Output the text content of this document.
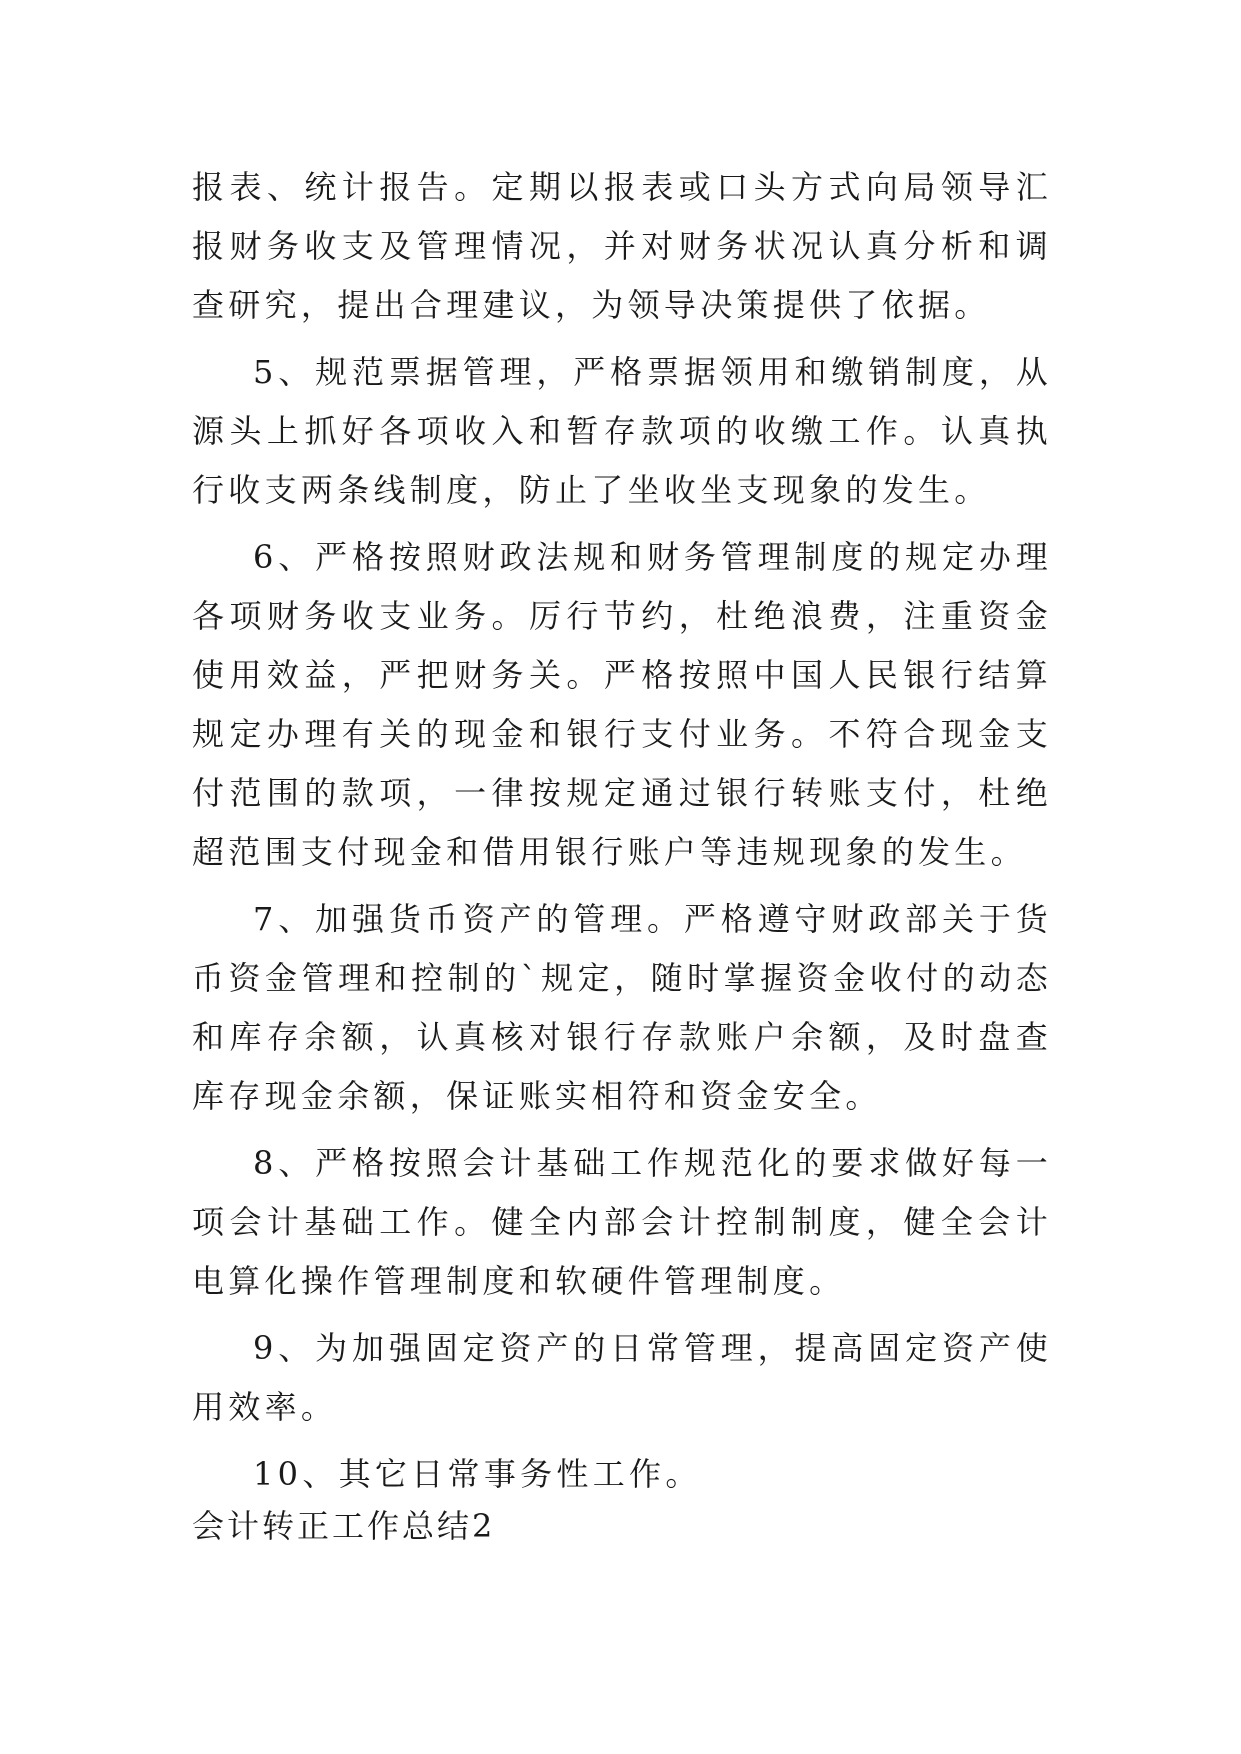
报表、统计报告。定期以报表或口头方式向局领导汇报财务收支及管理情况，并对财务状况认真分析和调查研究，提出合理建议，为领导决策提供了依据。

5、规范票据管理，严格票据领用和缴销制度，从源头上抓好各项收入和暂存款项的收缴工作。认真执行收支两条线制度，防止了坐收坐支现象的发生。

6、严格按照财政法规和财务管理制度的规定办理各项财务收支业务。厉行节约，杜绝浪费，注重资金使用效益，严把财务关。严格按照中国人民银行结算规定办理有关的现金和银行支付业务。不符合现金支付范围的款项，一律按规定通过银行转账支付，杜绝超范围支付现金和借用银行账户等违规现象的发生。

7、加强货币资产的管理。严格遵守财政部关于货币资金管理和控制的`规定，随时掌握资金收付的动态和库存余额，认真核对银行存款账户余额，及时盘查库存现金余额，保证账实相符和资金安全。

8、严格按照会计基础工作规范化的要求做好每一项会计基础工作。健全内部会计控制制度，健全会计电算化操作管理制度和软硬件管理制度。

9、为加强固定资产的日常管理，提高固定资产使用效率。

10、其它日常事务性工作。

会计转正工作总结2
